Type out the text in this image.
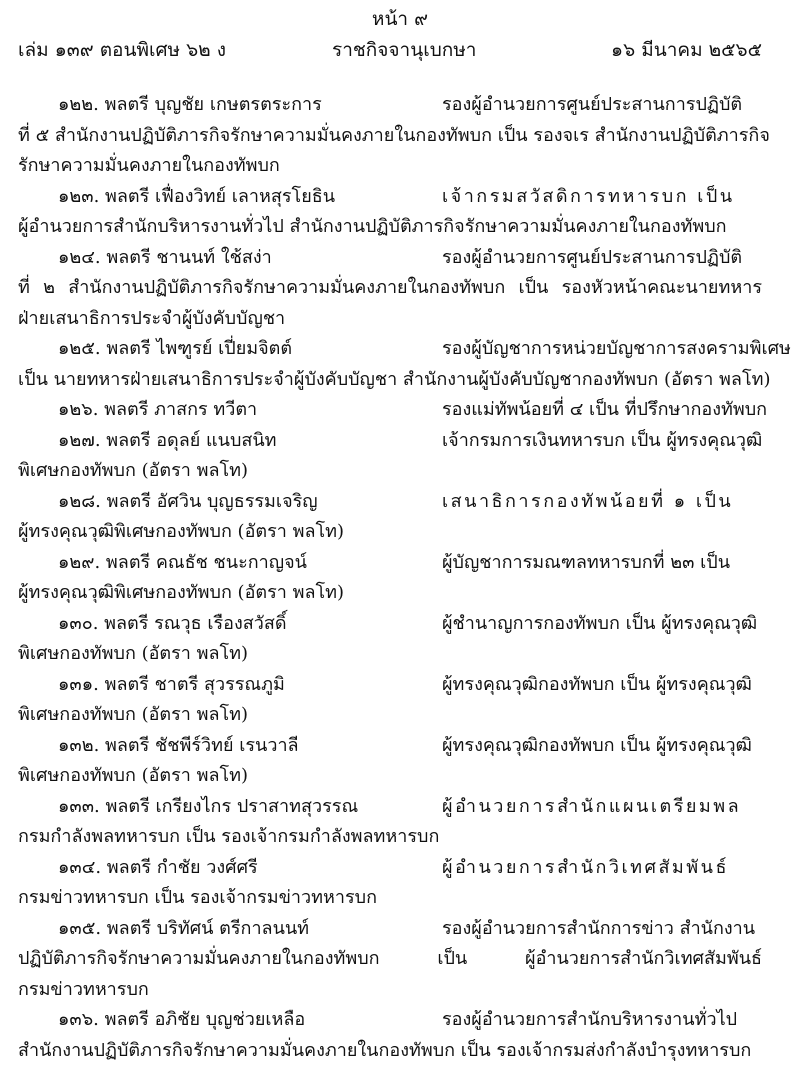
หน้า ๙
เล่ม ๑๓๙ ตอนพิเศษ ๖๒ ง	ราชกิจจานุเบกษา	๑๖ มีนาคม ๒๕๖๕
๑๒๒. พลตรี บุญชัย เกษตรตระการ	รองผู้อำนวยการศูนย์ประสานการปฏิบัติ
ที่ ๕ สำนักงานปฏิบัติภารกิจรักษาความมั่นคงภายในกองทัพบก เป็น รองจเร สำนักงานปฏิบัติภารกิจ
รักษาความมั่นคงภายในกองทัพบก
๑๒๓. พลตรี เฟื่องวิทย์ เลาหสุรโยธิน	เจ้ากรมสวัสดิการทหารบก เป็น
ผู้อำนวยการสำนักบริหารงานทั่วไป สำนักงานปฏิบัติภารกิจรักษาความมั่นคงภายในกองทัพบก
๑๒๔. พลตรี ชานนท์ ใช้สง่า	รองผู้อำนวยการศูนย์ประสานการปฏิบัติ
ที่ ๒ สำนักงานปฏิบัติภารกิจรักษาความมั่นคงภายในกองทัพบก เป็น รองหัวหน้าคณะนายทหาร
ฝ่ายเสนาธิการประจำผู้บังคับบัญชา
๑๒๕. พลตรี ไพฑูรย์ เปี่ยมจิตต์	รองผู้บัญชาการหน่วยบัญชาการสงครามพิเศษ
เป็น นายทหารฝ่ายเสนาธิการประจำผู้บังคับบัญชา สำนักงานผู้บังคับบัญชากองทัพบก (อัตรา พลโท)
๑๒๖. พลตรี ภาสกร ทวีตา	รองแม่ทัพน้อยที่ ๔ เป็น ที่ปรึกษากองทัพบก
๑๒๗. พลตรี อดุลย์ แนบสนิท	เจ้ากรมการเงินทหารบก เป็น ผู้ทรงคุณวุฒิ
พิเศษกองทัพบก (อัตรา พลโท)
๑๒๘. พลตรี อัศวิน บุญธรรมเจริญ	เสนาธิการกองทัพน้อยที่ ๑ เป็น
ผู้ทรงคุณวุฒิพิเศษกองทัพบก (อัตรา พลโท)
๑๒๙. พลตรี คณธัช ชนะกาญจน์	ผู้บัญชาการมณฑลทหารบกที่ ๒๓ เป็น
ผู้ทรงคุณวุฒิพิเศษกองทัพบก (อัตรา พลโท)
๑๓๐. พลตรี รณวุธ เรืองสวัสดิ์	ผู้ชำนาญการกองทัพบก เป็น ผู้ทรงคุณวุฒิ
พิเศษกองทัพบก (อัตรา พลโท)
๑๓๑. พลตรี ชาตรี สุวรรณภูมิ	ผู้ทรงคุณวุฒิกองทัพบก เป็น ผู้ทรงคุณวุฒิ
พิเศษกองทัพบก (อัตรา พลโท)
๑๓๒. พลตรี ชัชพีร์วิทย์ เรนวาลี	ผู้ทรงคุณวุฒิกองทัพบก เป็น ผู้ทรงคุณวุฒิ
พิเศษกองทัพบก (อัตรา พลโท)
๑๓๓. พลตรี เกรียงไกร ปราสาทสุวรรณ	ผู้อำนวยการสำนักแผนเตรียมพล
กรมกำลังพลทหารบก เป็น รองเจ้ากรมกำลังพลทหารบก
๑๓๔. พลตรี กำชัย วงศ์ศรี	ผู้อำนวยการสำนักวิเทศสัมพันธ์
กรมข่าวทหารบก เป็น รองเจ้ากรมข่าวทหารบก
๑๓๕. พลตรี บริทัศน์ ตรีกาลนนท์	รองผู้อำนวยการสำนักการข่าว สำนักงาน
ปฏิบัติภารกิจรักษาความมั่นคงภายในกองทัพบก เป็น ผู้อำนวยการสำนักวิเทศสัมพันธ์
กรมข่าวทหารบก
๑๓๖. พลตรี อภิชัย บุญช่วยเหลือ	รองผู้อำนวยการสำนักบริหารงานทั่วไป
สำนักงานปฏิบัติภารกิจรักษาความมั่นคงภายในกองทัพบก เป็น รองเจ้ากรมส่งกำลังบำรุงทหารบก
